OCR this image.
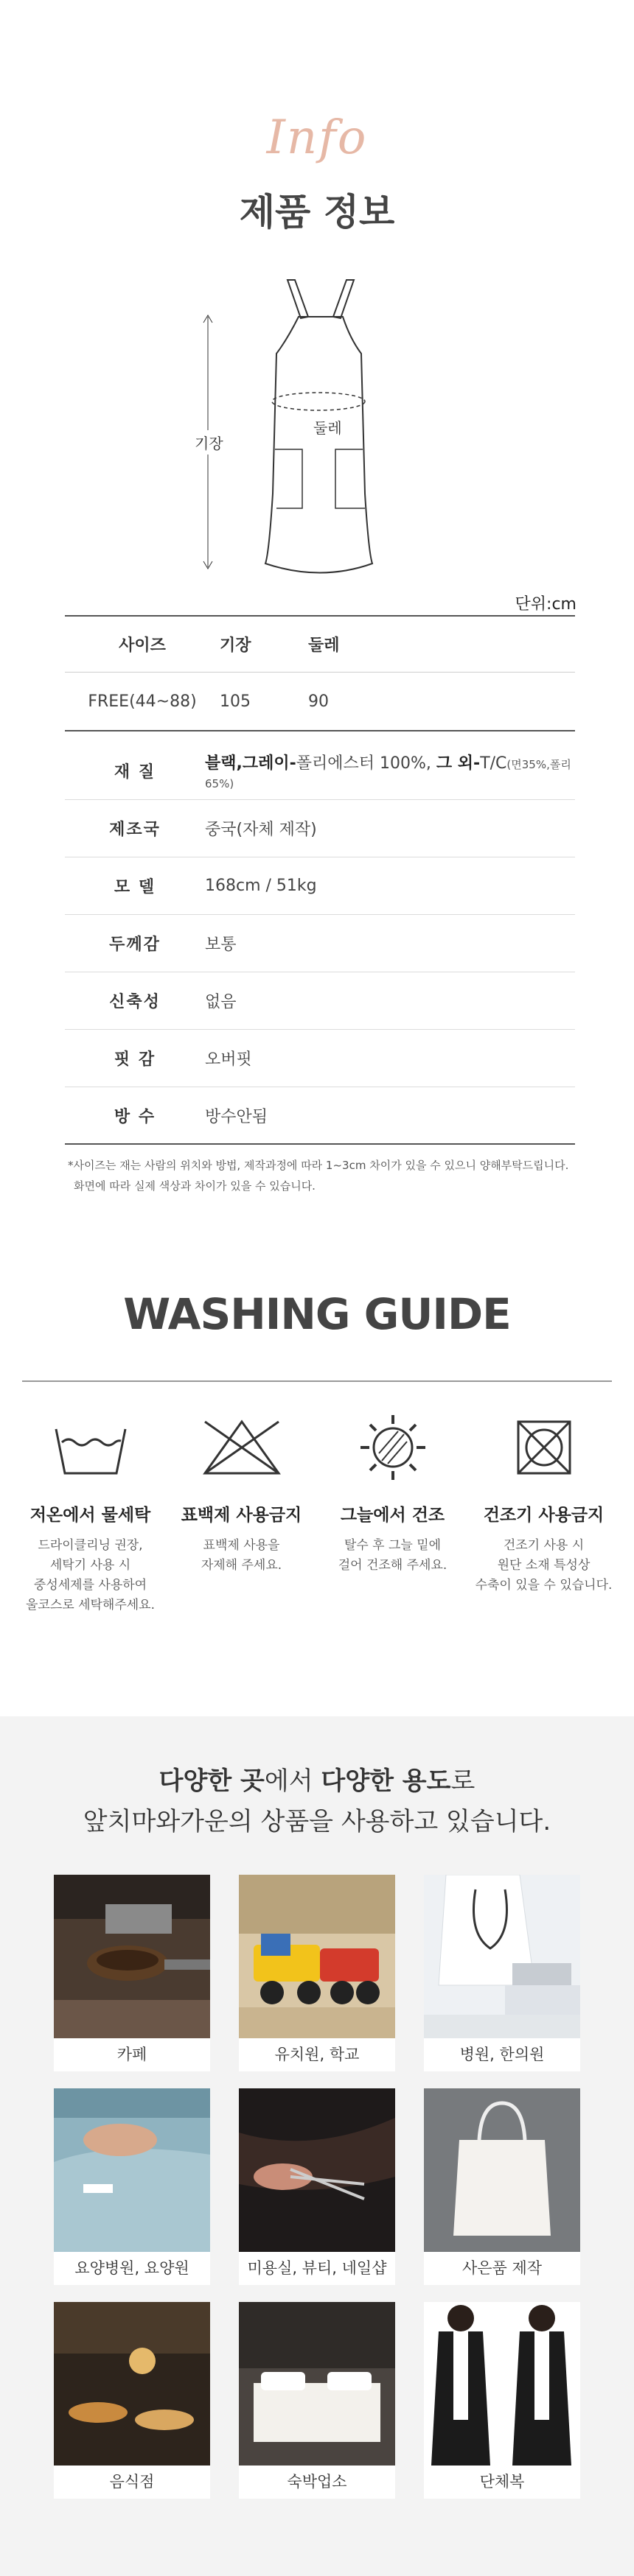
Info
제품 정보
기장
둘레
단위:cm
사이즈	기장	둘레
FREE(44~88)	105	90
재 질	블랙,그레이-폴리에스터 100%, 그 외-T/C(면35%,폴리65%)
제조국	중국(자체 제작)
모 델	168cm / 51kg
두께감	보통
신축성	없음
핏 감	오버핏
방 수	방수안됨
*사이즈는 재는 사람의 위치와 방법, 제작과정에 따라 1~3cm 차이가 있을 수 있으니 양해부탁드립니다.
화면에 따라 실제 색상과 차이가 있을 수 있습니다.
WASHING GUIDE
저온에서 물세탁
드라이클리닝 권장,
세탁기 사용 시
중성세제를 사용하여
울코스로 세탁해주세요.
표백제 사용금지
표백제 사용을
자제해 주세요.
그늘에서 건조
탈수 후 그늘 밑에
걸어 건조해 주세요.
건조기 사용금지
건조기 사용 시
원단 소재 특성상
수축이 있을 수 있습니다.
다양한 곳에서 다양한 용도로
앞치마와가운의 상품을 사용하고 있습니다.
카페	유치원, 학교	병원, 한의원
요양병원, 요양원	미용실, 뷰티, 네일샵	사은품 제작
음식점	숙박업소	단체복
